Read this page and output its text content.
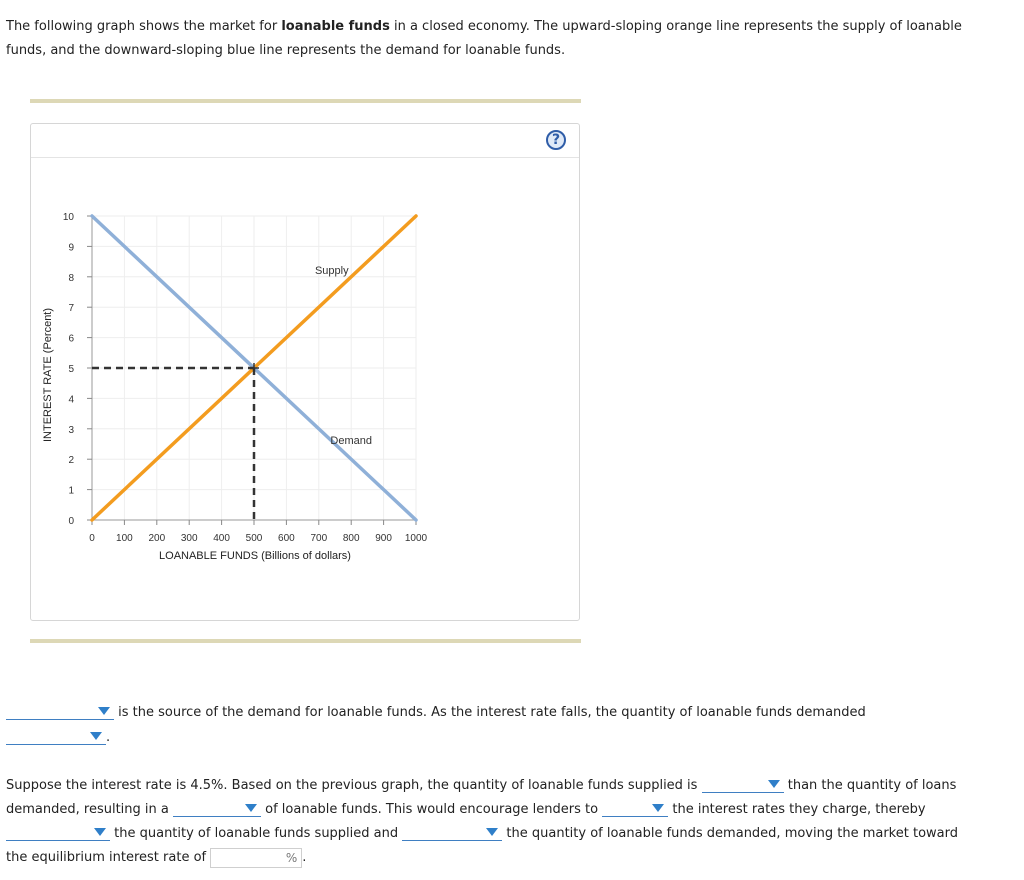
The following graph shows the market for loanable funds in a closed economy. The upward-sloping orange line represents the supply of loanable funds, and the downward-sloping blue line represents the demand for loanable funds.

?
0 100 200 300 400 500 600 700 800 900 1000
0
1
2
3
4
5
6
7
8
9
10
LOANABLE FUNDS (Billions of dollars)
INTEREST RATE (Percent)
Supply
Demand
is the source of the demand for loanable funds. As the interest rate falls, the quantity of loanable funds demanded
.
Suppose the interest rate is 4.5%. Based on the previous graph, the quantity of loanable funds supplied is	than the quantity of loans
demanded, resulting in a	of loanable funds. This would encourage lenders to	the interest rates they charge, thereby
the quantity of loanable funds supplied and	the quantity of loanable funds demanded, moving the market toward
the equilibrium interest rate of	% .
